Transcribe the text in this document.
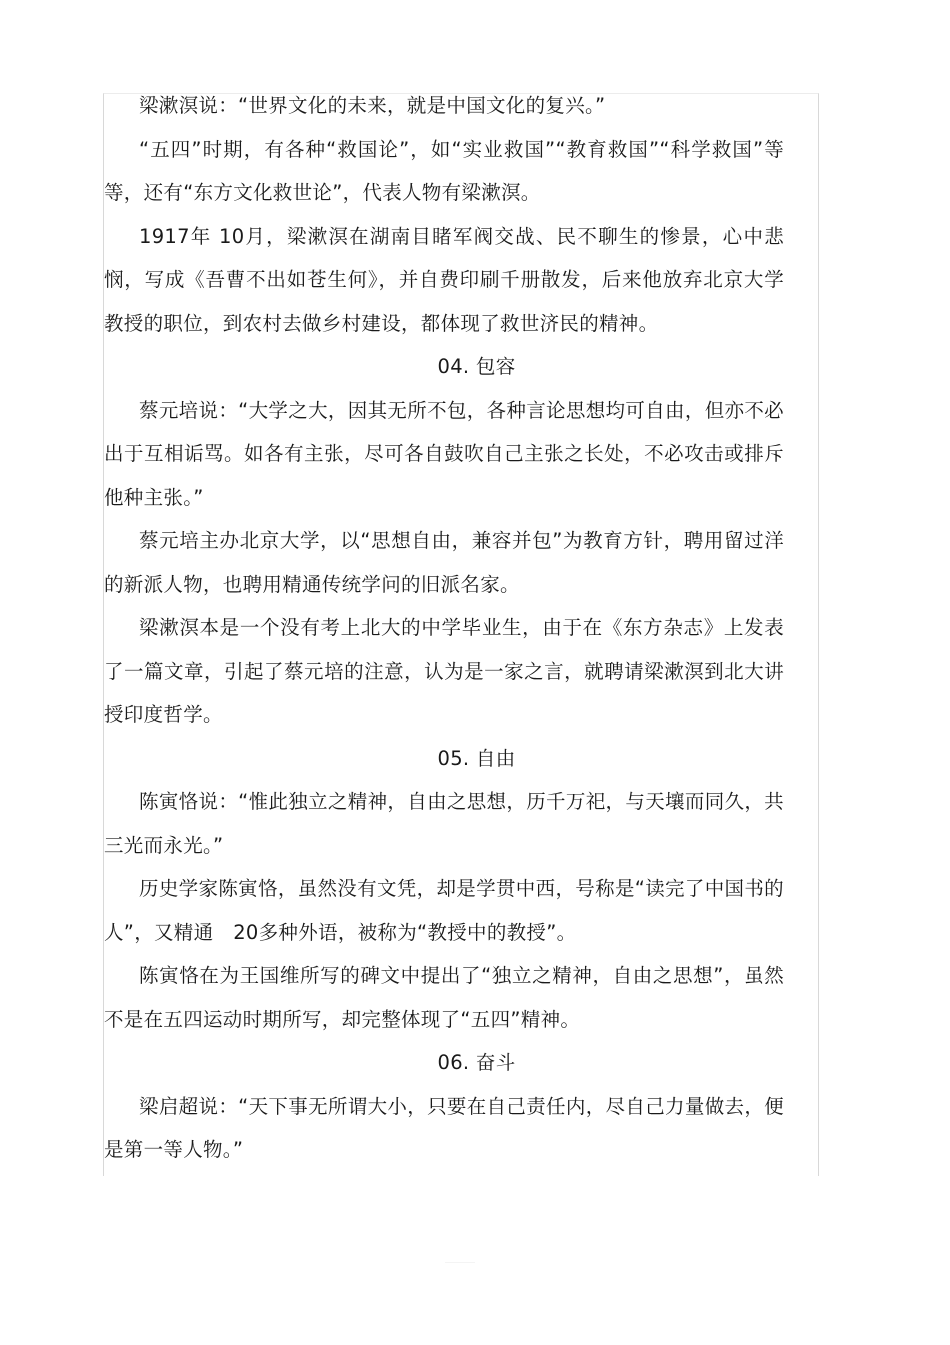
梁漱溟说：“世界文化的未来，就是中国文化的复兴。”

“五四”时期，有各种“救国论”，如“实业救国”“教育救国”“科学救国”等等，还有“东方文化救世论”，代表人物有梁漱溟。

1917年 10月，梁漱溟在湖南目睹军阀交战、民不聊生的惨景，心中悲悯，写成《吾曹不出如苍生何》，并自费印刷千册散发，后来他放弃北京大学教授的职位，到农村去做乡村建设，都体现了救世济民的精神。

04. 包容

蔡元培说：“大学之大，因其无所不包，各种言论思想均可自由，但亦不必出于互相诟骂。如各有主张，尽可各自鼓吹自己主张之长处，不必攻击或排斥他种主张。”

蔡元培主办北京大学，以“思想自由，兼容并包”为教育方针，聘用留过洋的新派人物，也聘用精通传统学问的旧派名家。

梁漱溟本是一个没有考上北大的中学毕业生，由于在《东方杂志》上发表了一篇文章，引起了蔡元培的注意，认为是一家之言，就聘请梁漱溟到北大讲授印度哲学。

05. 自由

陈寅恪说：“惟此独立之精神，自由之思想，历千万祀，与天壤而同久，共三光而永光。”

历史学家陈寅恪，虽然没有文凭，却是学贯中西，号称是“读完了中国书的人”，又精通　20多种外语，被称为“教授中的教授”。

陈寅恪在为王国维所写的碑文中提出了“独立之精神，自由之思想”，虽然不是在五四运动时期所写，却完整体现了“五四”精神。

06. 奋斗

梁启超说：“天下事无所谓大小，只要在自己责任内，尽自己力量做去，便是第一等人物。”
